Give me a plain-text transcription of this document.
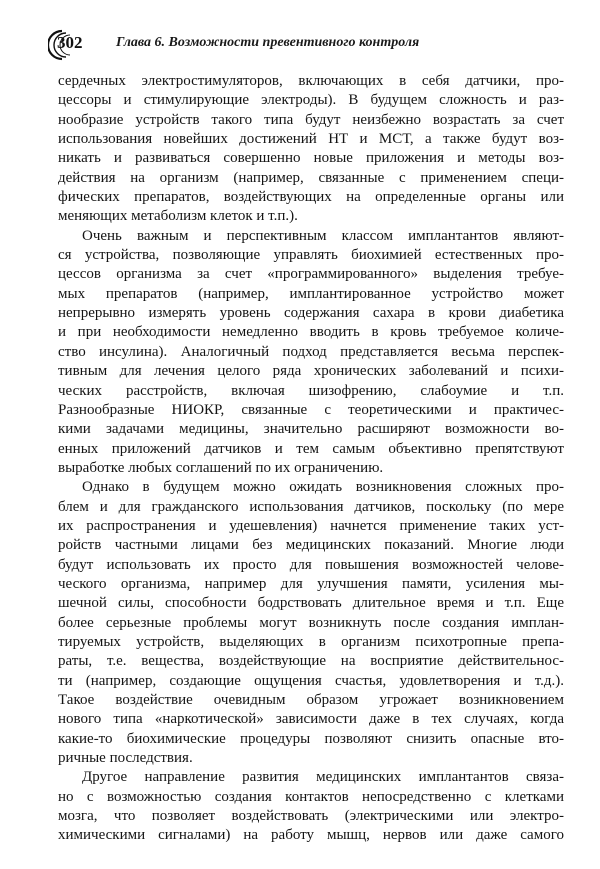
302 Глава 6. Возможности превентивного контроля
сердечных электростимуляторов, включающих в себя датчики, про-
цессоры и стимулирующие электроды). В будущем сложность и раз-
нообразие устройств такого типа будут неизбежно возрастать за счет
использования новейших достижений НТ и МСТ, а также будут воз-
никать и развиваться совершенно новые приложения и методы воз-
действия на организм (например, связанные с применением специ-
фических препаратов, воздействующих на определенные органы или
меняющих метаболизм клеток и т.п.).
Очень важным и перспективным классом имплантантов являют-
ся устройства, позволяющие управлять биохимией естественных про-
цессов организма за счет «программированного» выделения требуе-
мых препаратов (например, имплантированное устройство может
непрерывно измерять уровень содержания сахара в крови диабетика
и при необходимости немедленно вводить в кровь требуемое количе-
ство инсулина). Аналогичный подход представляется весьма перспек-
тивным для лечения целого ряда хронических заболеваний и психи-
ческих расстройств, включая шизофрению, слабоумие и т.п.
Разнообразные НИОКР, связанные с теоретическими и практичес-
кими задачами медицины, значительно расширяют возможности во-
енных приложений датчиков и тем самым объективно препятствуют
выработке любых соглашений по их ограничению.
Однако в будущем можно ожидать возникновения сложных про-
блем и для гражданского использования датчиков, поскольку (по мере
их распространения и удешевления) начнется применение таких уст-
ройств частными лицами без медицинских показаний. Многие люди
будут использовать их просто для повышения возможностей челове-
ческого организма, например для улучшения памяти, усиления мы-
шечной силы, способности бодрствовать длительное время и т.п. Еще
более серьезные проблемы могут возникнуть после создания имплан-
тируемых устройств, выделяющих в организм психотропные препа-
раты, т.е. вещества, воздействующие на восприятие действительнос-
ти (например, создающие ощущения счастья, удовлетворения и т.д.).
Такое воздействие очевидным образом угрожает возникновением
нового типа «наркотической» зависимости даже в тех случаях, когда
какие-то биохимические процедуры позволяют снизить опасные вто-
ричные последствия.
Другое направление развития медицинских имплантантов связа-
но с возможностью создания контактов непосредственно с клетками
мозга, что позволяет воздействовать (электрическими или электро-
химическими сигналами) на работу мышц, нервов или даже самого
